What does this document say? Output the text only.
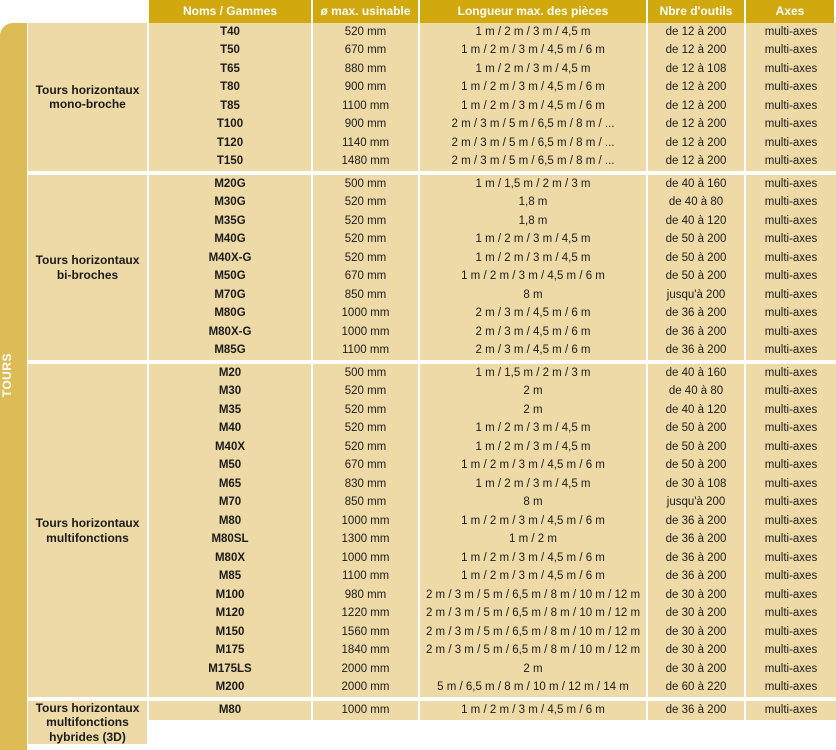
TOURS
Noms / Gammes	ø max. usinable	Longueur max. des pièces	Nbre d'outils	Axes
Tours horizontaux mono-broche
T40	520 mm	1 m / 2 m / 3 m / 4,5 m	de 12 à 200	multi-axes
T50	670 mm	1 m / 2 m / 3 m / 4,5 m / 6 m	de 12 à 200	multi-axes
T65	880 mm	1 m / 2 m / 3 m / 4,5 m	de 12 à 108	multi-axes
T80	900 mm	1 m / 2 m / 3 m / 4,5 m / 6 m	de 12 à 200	multi-axes
T85	1100 mm	1 m / 2 m / 3 m / 4,5 m / 6 m	de 12 à 200	multi-axes
T100	900 mm	2 m / 3 m / 5 m / 6,5 m / 8 m / ...	de 12 à 200	multi-axes
T120	1140 mm	2 m / 3 m / 5 m / 6,5 m / 8 m / ...	de 12 à 200	multi-axes
T150	1480 mm	2 m / 3 m / 5 m / 6,5 m / 8 m / ...	de 12 à 200	multi-axes
Tours horizontaux bi-broches
M20G	500 mm	1 m / 1,5 m / 2 m / 3 m	de 40 à 160	multi-axes
M30G	520 mm	1,8 m	de 40 à 80	multi-axes
M35G	520 mm	1,8 m	de 40 à 120	multi-axes
M40G	520 mm	1 m / 2 m / 3 m / 4,5 m	de 50 à 200	multi-axes
M40X-G	520 mm	1 m / 2 m / 3 m / 4,5 m	de 50 à 200	multi-axes
M50G	670 mm	1 m / 2 m / 3 m / 4,5 m / 6 m	de 50 à 200	multi-axes
M70G	850 mm	8 m	jusqu'à 200	multi-axes
M80G	1000 mm	2 m / 3 m / 4,5 m / 6 m	de 36 à 200	multi-axes
M80X-G	1000 mm	2 m / 3 m / 4,5 m / 6 m	de 36 à 200	multi-axes
M85G	1100 mm	2 m / 3 m / 4,5 m / 6 m	de 36 à 200	multi-axes
Tours horizontaux multifonctions
M20	500 mm	1 m / 1,5 m / 2 m / 3 m	de 40 à 160	multi-axes
M30	520 mm	2 m	de 40 à 80	multi-axes
M35	520 mm	2 m	de 40 à 120	multi-axes
M40	520 mm	1 m / 2 m / 3 m / 4,5 m	de 50 à 200	multi-axes
M40X	520 mm	1 m / 2 m / 3 m / 4,5 m	de 50 à 200	multi-axes
M50	670 mm	1 m / 2 m / 3 m / 4,5 m / 6 m	de 50 à 200	multi-axes
M65	830 mm	1 m / 2 m / 3 m / 4,5 m	de 30 à 108	multi-axes
M70	850 mm	8 m	jusqu'à 200	multi-axes
M80	1000 mm	1 m / 2 m / 3 m / 4,5 m / 6 m	de 36 à 200	multi-axes
M80SL	1300 mm	1 m / 2 m	de 36 à 200	multi-axes
M80X	1000 mm	1 m / 2 m / 3 m / 4,5 m / 6 m	de 36 à 200	multi-axes
M85	1100 mm	1 m / 2 m / 3 m / 4,5 m / 6 m	de 36 à 200	multi-axes
M100	980 mm	2 m / 3 m / 5 m / 6,5 m / 8 m / 10 m / 12 m	de 30 à 200	multi-axes
M120	1220 mm	2 m / 3 m / 5 m / 6,5 m / 8 m / 10 m / 12 m	de 30 à 200	multi-axes
M150	1560 mm	2 m / 3 m / 5 m / 6,5 m / 8 m / 10 m / 12 m	de 30 à 200	multi-axes
M175	1840 mm	2 m / 3 m / 5 m / 6,5 m / 8 m / 10 m / 12 m	de 30 à 200	multi-axes
M175LS	2000 mm	2 m	de 30 à 200	multi-axes
M200	2000 mm	5 m / 6,5 m / 8 m / 10 m / 12 m / 14 m	de 60 à 220	multi-axes
Tours horizontaux multifonctions hybrides (3D)
M80	1000 mm	1 m / 2 m / 3 m / 4,5 m / 6 m	de 36 à 200	multi-axes
